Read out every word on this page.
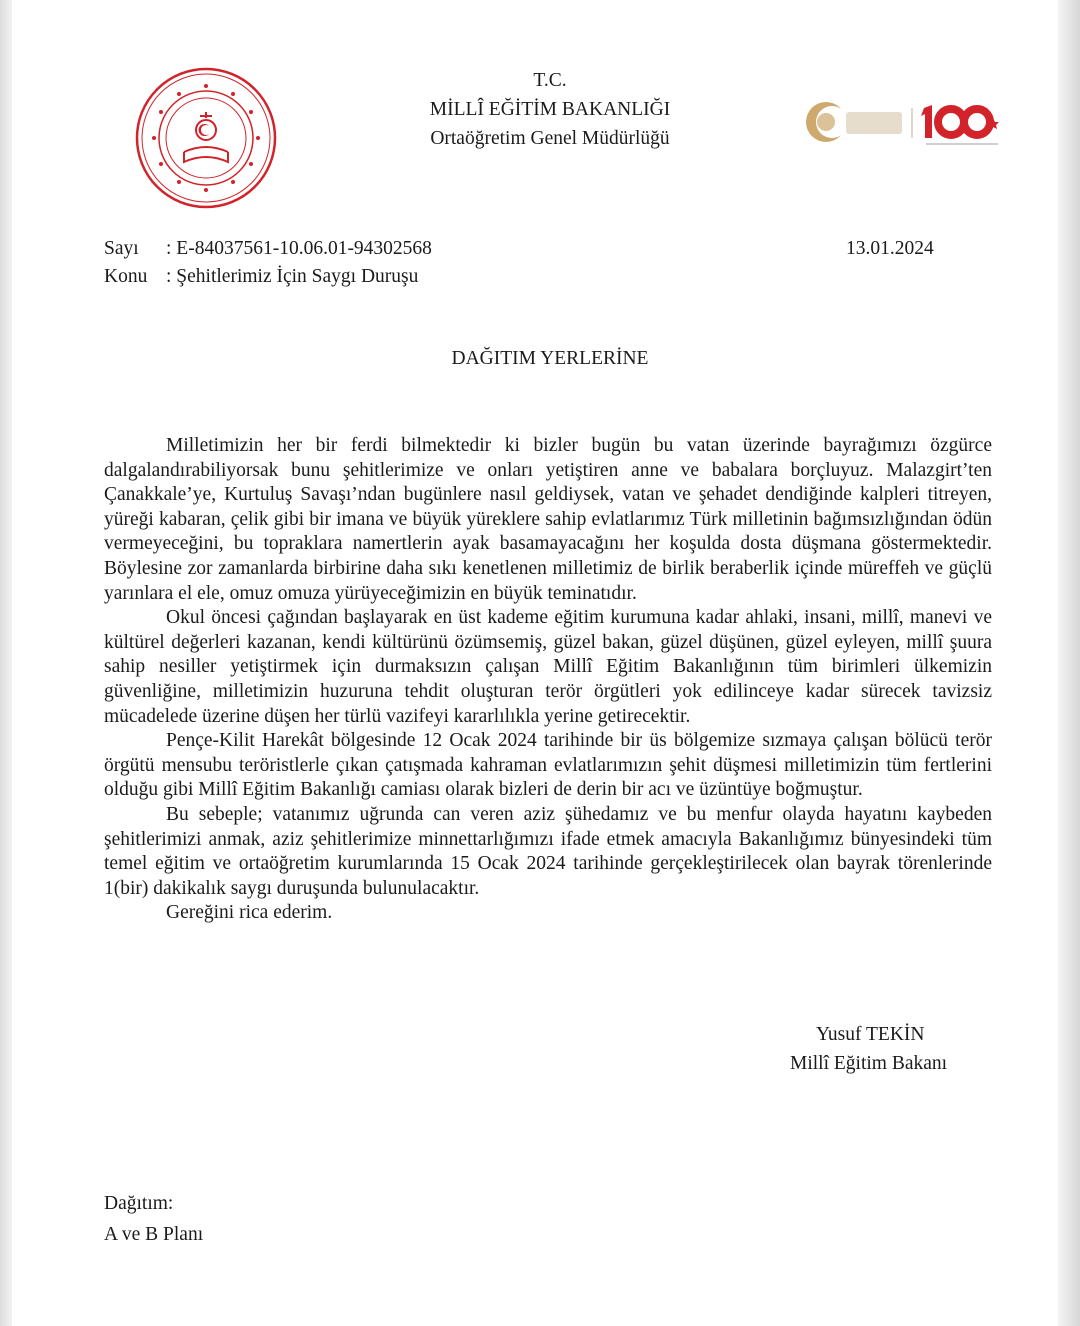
T.C.
MİLLÎ EĞİTİM BAKANLIĞI
Ortaöğretim Genel Müdürlüğü
Sayı : E-84037561-10.06.01-94302568
Konu : Şehitlerimiz İçin Saygı Duruşu
13.01.2024
DAĞITIM YERLERİNE

Milletimizin her bir ferdi bilmektedir ki bizler bugün bu vatan üzerinde bayrağımızı özgürce dalgalandırabiliyorsak bunu şehitlerimize ve onları yetiştiren anne ve babalara borçluyuz. Malazgirt’ten Çanakkale’ye, Kurtuluş Savaşı’ndan bugünlere nasıl geldiysek, vatan ve şehadet dendiğinde kalpleri titreyen, yüreği kabaran, çelik gibi bir imana ve büyük yüreklere sahip evlatlarımız Türk milletinin bağımsızlığından ödün vermeyeceğini, bu topraklara namertlerin ayak basamayacağını her koşulda dosta düşmana göstermektedir. Böylesine zor zamanlarda birbirine daha sıkı kenetlenen milletimiz de birlik beraberlik içinde müreffeh ve güçlü yarınlara el ele, omuz omuza yürüyeceğimizin en büyük teminatıdır.

Okul öncesi çağından başlayarak en üst kademe eğitim kurumuna kadar ahlaki, insani, millî, manevi ve kültürel değerleri kazanan, kendi kültürünü özümsemiş, güzel bakan, güzel düşünen, güzel eyleyen, millî şuura sahip nesiller yetiştirmek için durmaksızın çalışan Millî Eğitim Bakanlığının tüm birimleri ülkemizin güvenliğine, milletimizin huzuruna tehdit oluşturan terör örgütleri yok edilinceye kadar sürecek tavizsiz mücadelede üzerine düşen her türlü vazifeyi kararlılıkla yerine getirecektir.

Pençe-Kilit Harekât bölgesinde 12 Ocak 2024 tarihinde bir üs bölgemize sızmaya çalışan bölücü terör örgütü mensubu teröristlerle çıkan çatışmada kahraman evlatlarımızın şehit düşmesi milletimizin tüm fertlerini olduğu gibi Millî Eğitim Bakanlığı camiası olarak bizleri de derin bir acı ve üzüntüye boğmuştur.

Bu sebeple; vatanımız uğrunda can veren aziz şühedamız ve bu menfur olayda hayatını kaybeden şehitlerimizi anmak, aziz şehitlerimize minnettarlığımızı ifade etmek amacıyla Bakanlığımız bünyesindeki tüm temel eğitim ve ortaöğretim kurumlarında 15 Ocak 2024 tarihinde gerçekleştirilecek olan bayrak törenlerinde 1(bir) dakikalık saygı duruşunda bulunulacaktır.

Gereğini rica ederim.

Yusuf TEKİN
Millî Eğitim Bakanı
Dağıtım:
A ve B Planı
